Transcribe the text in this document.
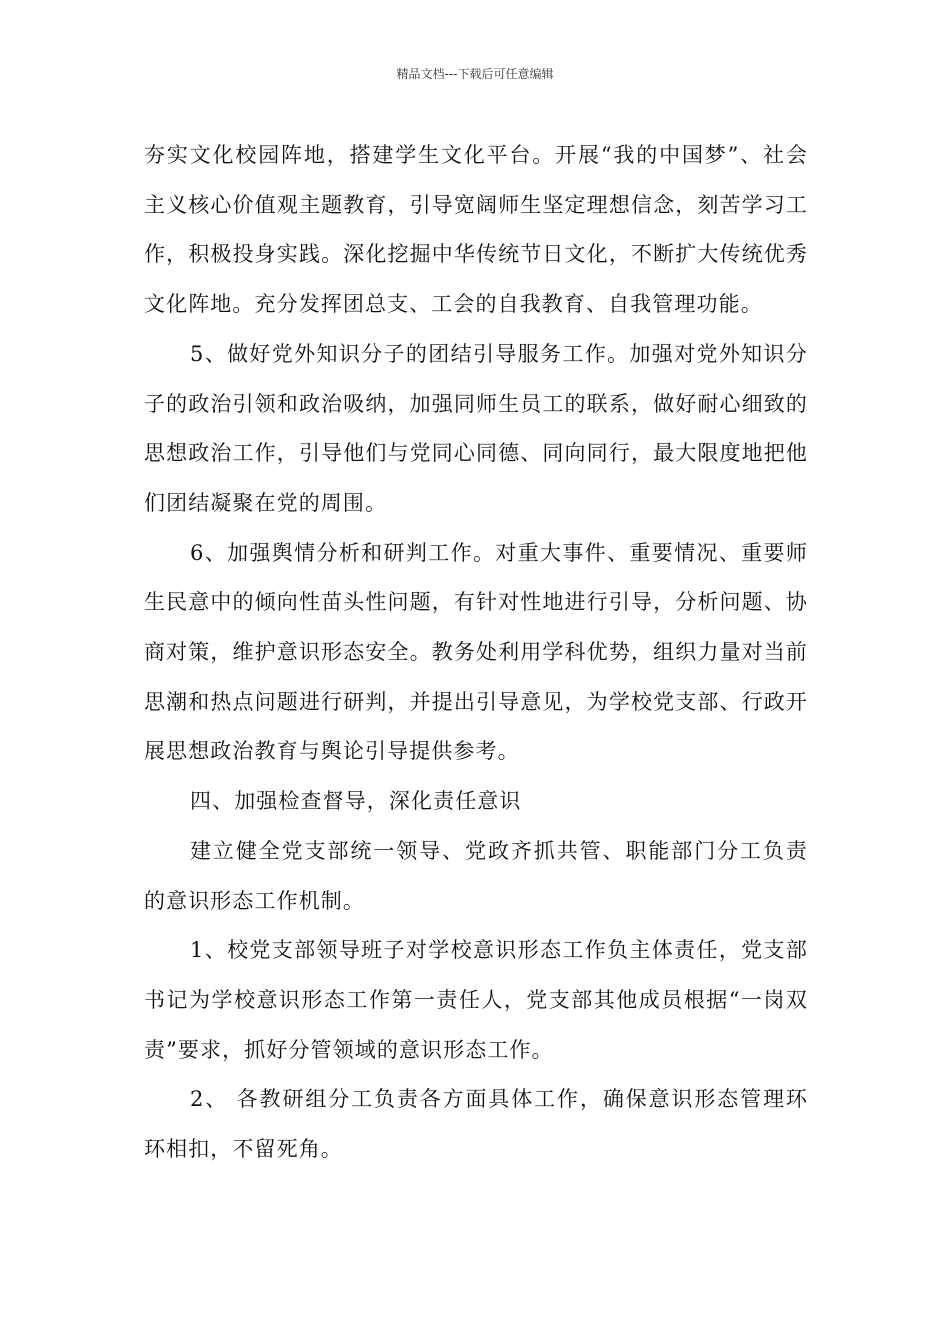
精品文档---下载后可任意编辑

夯实文化校园阵地，搭建学生文化平台。开展“我的中国梦”、社会主义核心价值观主题教育，引导宽阔师生坚定理想信念，刻苦学习工作，积极投身实践。深化挖掘中华传统节日文化，不断扩大传统优秀文化阵地。充分发挥团总支、工会的自我教育、自我管理功能。

5、做好党外知识分子的团结引导服务工作。加强对党外知识分子的政治引领和政治吸纳，加强同师生员工的联系，做好耐心细致的思想政治工作，引导他们与党同心同德、同向同行，最大限度地把他们团结凝聚在党的周围。

6、加强舆情分析和研判工作。对重大事件、重要情况、重要师生民意中的倾向性苗头性问题，有针对性地进行引导，分析问题、协商对策，维护意识形态安全。教务处利用学科优势，组织力量对当前思潮和热点问题进行研判，并提出引导意见，为学校党支部、行政开展思想政治教育与舆论引导提供参考。

四、加强检查督导，深化责任意识

建立健全党支部统一领导、党政齐抓共管、职能部门分工负责的意识形态工作机制。

1、校党支部领导班子对学校意识形态工作负主体责任，党支部书记为学校意识形态工作第一责任人，党支部其他成员根据“一岗双责”要求，抓好分管领域的意识形态工作。

2、 各教研组分工负责各方面具体工作，确保意识形态管理环环相扣，不留死角。
